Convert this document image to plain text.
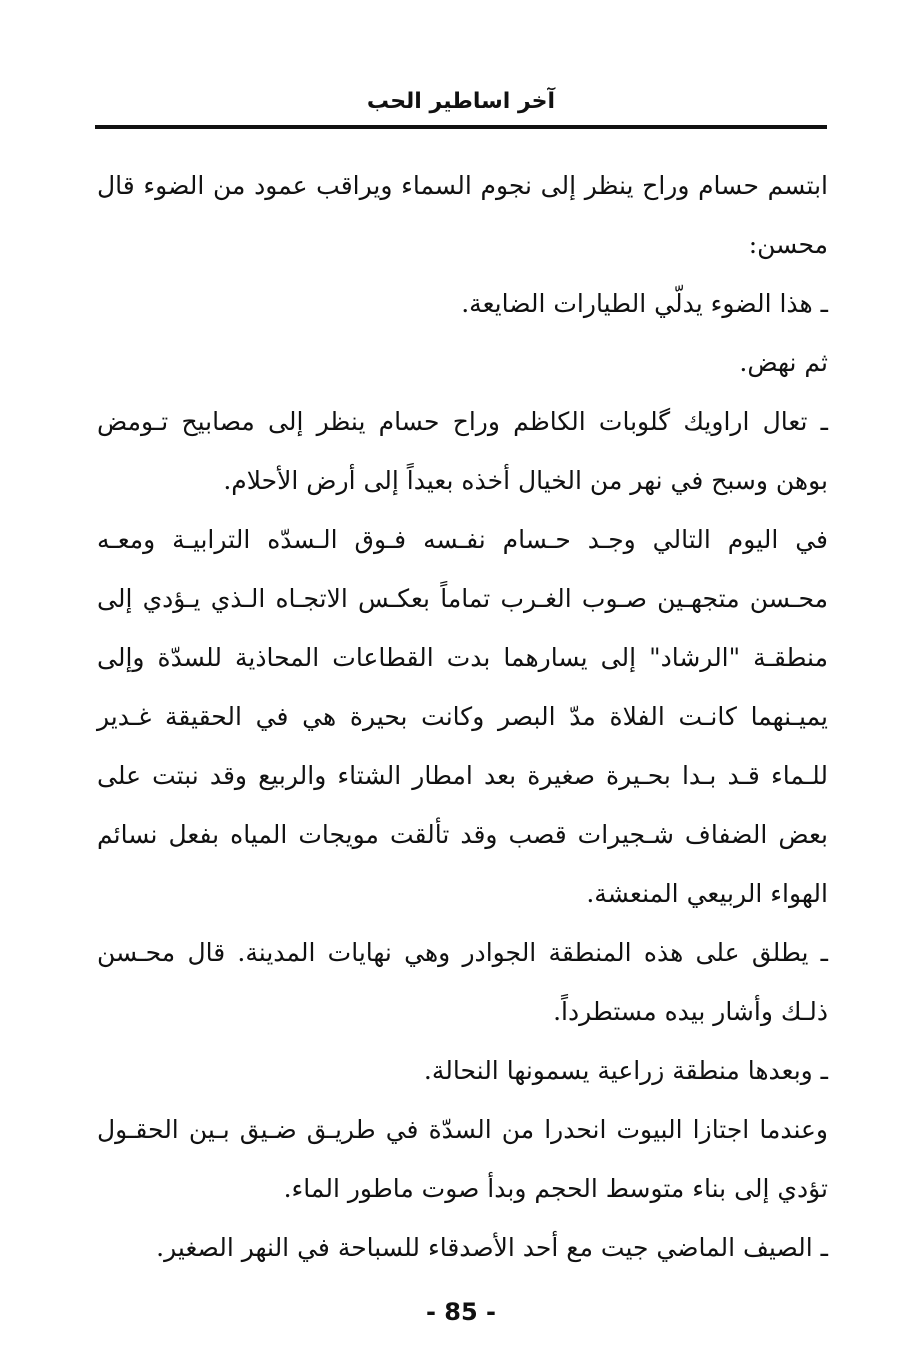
آخر اساطير الحب

ابتسم حسام وراح ينظر إلى نجوم السماء ويراقب عمود من الضوء قال محسن:

ـ هذا الضوء يدلّي الطيارات الضايعة.

ثم نهض.

ـ تعال اراويك گلوبات الكاظم وراح حسام ينظر إلى مصابيح تـومض بوهن وسبح في نهر من الخيال أخذه بعيداً إلى أرض الأحلام.

في اليوم التالي وجـد حـسام نفـسه فـوق الـسدّه الترابيـة ومعـه محـسن متجهـين صـوب الغـرب تماماً بعكـس الاتجـاه الـذي يـؤدي إلى منطقـة "الرشاد" إلى يسارهما بدت القطاعات المحاذية للسدّة وإلى يميـنهما كانـت الفلاة مدّ البصر وكانت بحيرة هي في الحقيقة غـدير للـماء قـد بـدا بحـيرة صغيرة بعد امطار الشتاء والربيع وقد نبتت على بعض الضفاف شـجيرات قصب وقد تألقت مويجات المياه بفعل نسائم الهواء الربيعي المنعشة.

ـ يطلق على هذه المنطقة الجوادر وهي نهايات المدينة. قال محـسن ذلـك وأشار بيده مستطرداً.

ـ وبعدها منطقة زراعية يسمونها النحالة.

وعندما اجتازا البيوت انحدرا من السدّة في طريـق ضـيق بـين الحقـول تؤدي إلى بناء متوسط الحجم وبدأ صوت ماطور الماء.

ـ الصيف الماضي جيت مع أحد الأصدقاء للسباحة في النهر الصغير.

- 85 -
